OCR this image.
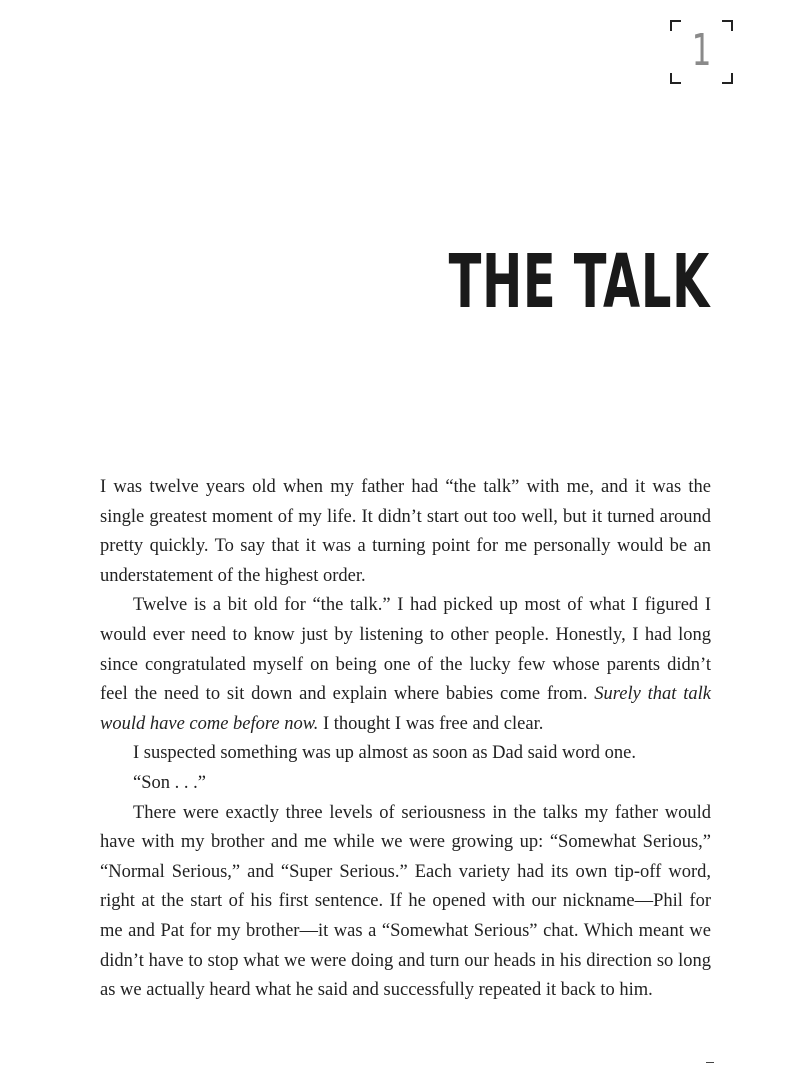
1
THE TALK

I was twelve years old when my father had “the talk” with me, and it was the single greatest moment of my life. It didn’t start out too well, but it turned around pretty quickly. To say that it was a turning point for me personally would be an understatement of the highest order.

Twelve is a bit old for “the talk.” I had picked up most of what I figured I would ever need to know just by listening to other people. Honestly, I had long since congratulated myself on being one of the lucky few whose parents didn’t feel the need to sit down and explain where babies come from. Surely that talk would have come before now. I thought I was free and clear.

I suspected something was up almost as soon as Dad said word one.

“Son . . .”

There were exactly three levels of seriousness in the talks my father would have with my brother and me while we were growing up: “Somewhat Serious,” “Normal Serious,” and “Super Serious.” Each variety had its own tip-off word, right at the start of his first sentence. If he opened with our nickname—Phil for me and Pat for my brother—it was a “Somewhat Serious” chat. Which meant we didn’t have to stop what we were doing and turn our heads in his direction so long as we actually heard what he said and successfully repeated it back to him.
